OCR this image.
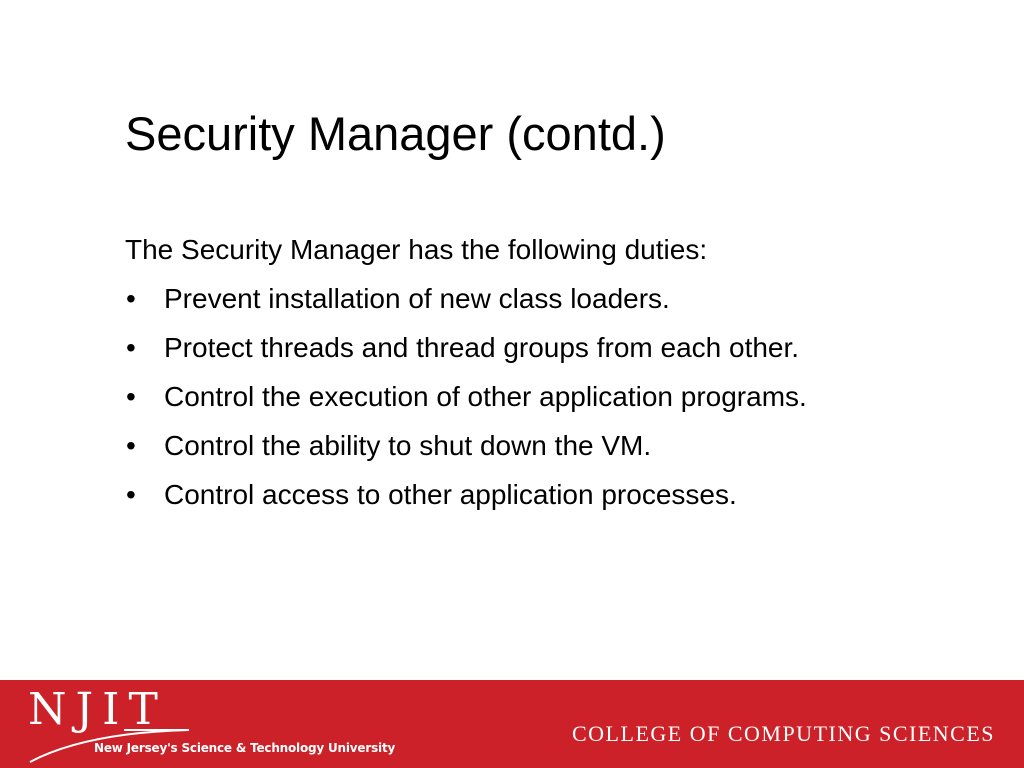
Security Manager (contd.)
The Security Manager has the following duties:
•	Prevent installation of new class loaders.
•	Protect threads and thread groups from each other.
•	Control the execution of other application programs.
•	Control the ability to shut down the VM.
•	Control access to other application processes.
NJIT
New Jersey's Science & Technology University
COLLEGE OF COMPUTING SCIENCES
